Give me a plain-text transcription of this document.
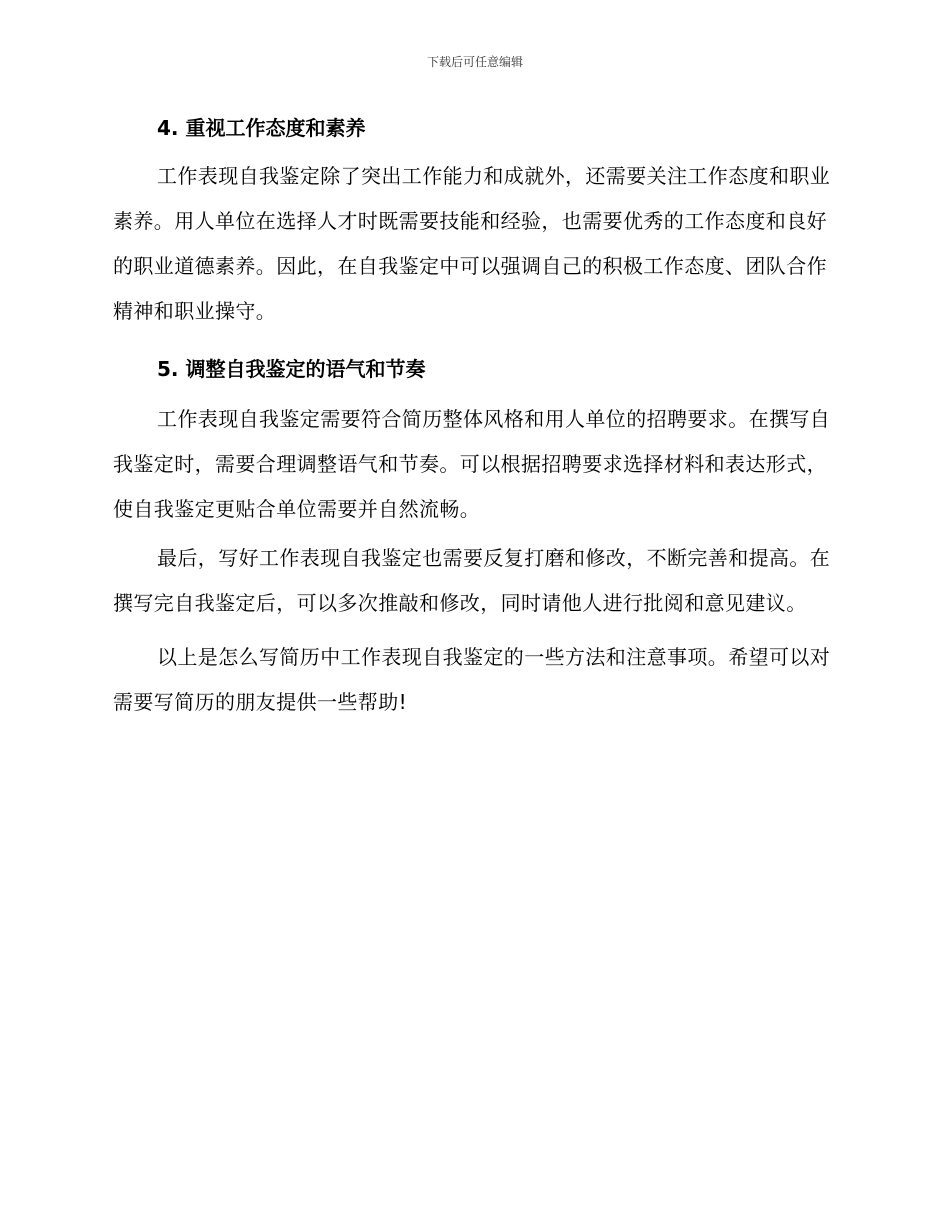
下载后可任意编辑
4. 重视工作态度和素养

工作表现自我鉴定除了突出工作能力和成就外，还需要关注工作态度和职业素养。用人单位在选择人才时既需要技能和经验，也需要优秀的工作态度和良好的职业道德素养。因此，在自我鉴定中可以强调自己的积极工作态度、团队合作精神和职业操守。

5. 调整自我鉴定的语气和节奏

工作表现自我鉴定需要符合简历整体风格和用人单位的招聘要求。在撰写自我鉴定时，需要合理调整语气和节奏。可以根据招聘要求选择材料和表达形式，使自我鉴定更贴合单位需要并自然流畅。

最后，写好工作表现自我鉴定也需要反复打磨和修改，不断完善和提高。在撰写完自我鉴定后，可以多次推敲和修改，同时请他人进行批阅和意见建议。

以上是怎么写简历中工作表现自我鉴定的一些方法和注意事项。希望可以对需要写简历的朋友提供一些帮助!
